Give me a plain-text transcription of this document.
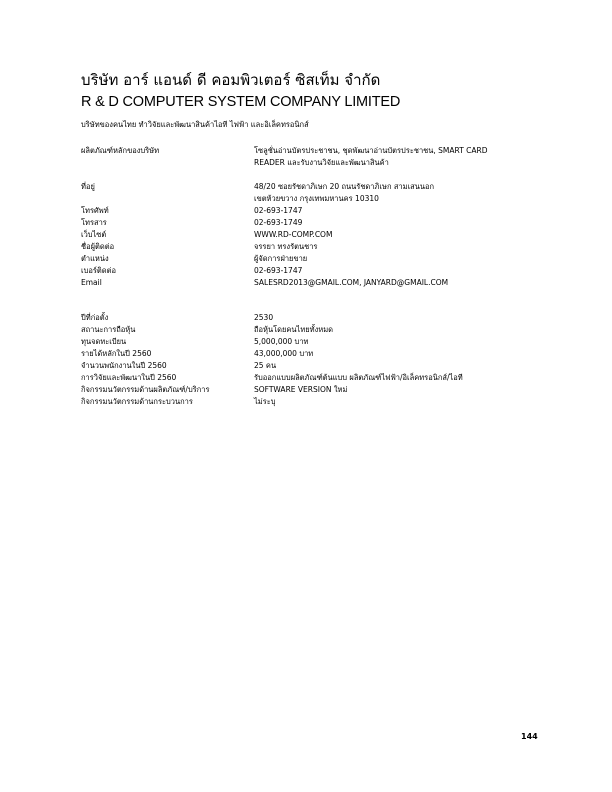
บริษัท อาร์ แอนด์ ดี คอมพิวเตอร์ ซิสเท็ม จำกัด
R & D COMPUTER SYSTEM COMPANY LIMITED
บริษัทของคนไทย ทำวิจัยและพัฒนาสินค้าไอที ไฟฟ้า และอิเล็คทรอนิกส์
ผลิตภัณฑ์หลักของบริษัท	โซลูชั่นอ่านบัตรประชาชน, ชุดพัฒนาอ่านบัตรประชาชน, SMART CARD
READER และรับงานวิจัยและพัฒนาสินค้า
ที่อยู่	48/20 ซอยรัชดาภิเษก 20 ถนนรัชดาภิเษก สามเสนนอก
เขตห้วยขวาง กรุงเทพมหานคร 10310
โทรศัพท์	02-693-1747
โทรสาร	02-693-1749
เว็บไซต์	WWW.RD-COMP.COM
ชื่อผู้ติดต่อ	จรรยา ทรงรัตนชาร
ตำแหน่ง	ผู้จัดการฝ่ายขาย
เบอร์ติดต่อ	02-693-1747
Email	SALESRD2013@GMAIL.COM, JANYARD@GMAIL.COM
ปีที่ก่อตั้ง	2530
สถานะการถือหุ้น	ถือหุ้นโดยคนไทยทั้งหมด
ทุนจดทะเบียน	5,000,000 บาท
รายได้หลักในปี 2560	43,000,000 บาท
จำนวนพนักงานในปี 2560	25 คน
การวิจัยและพัฒนาในปี 2560	รับออกแบบผลิตภัณฑ์ต้นแบบ ผลิตภัณฑ์ไฟฟ้า/อิเล็คทรอนิกส์/ไอที
กิจกรรมนวัตกรรมด้านผลิตภัณฑ์/บริการ	SOFTWARE VERSION ใหม่
กิจกรรมนวัตกรรมด้านกระบวนการ	ไม่ระบุ
144
